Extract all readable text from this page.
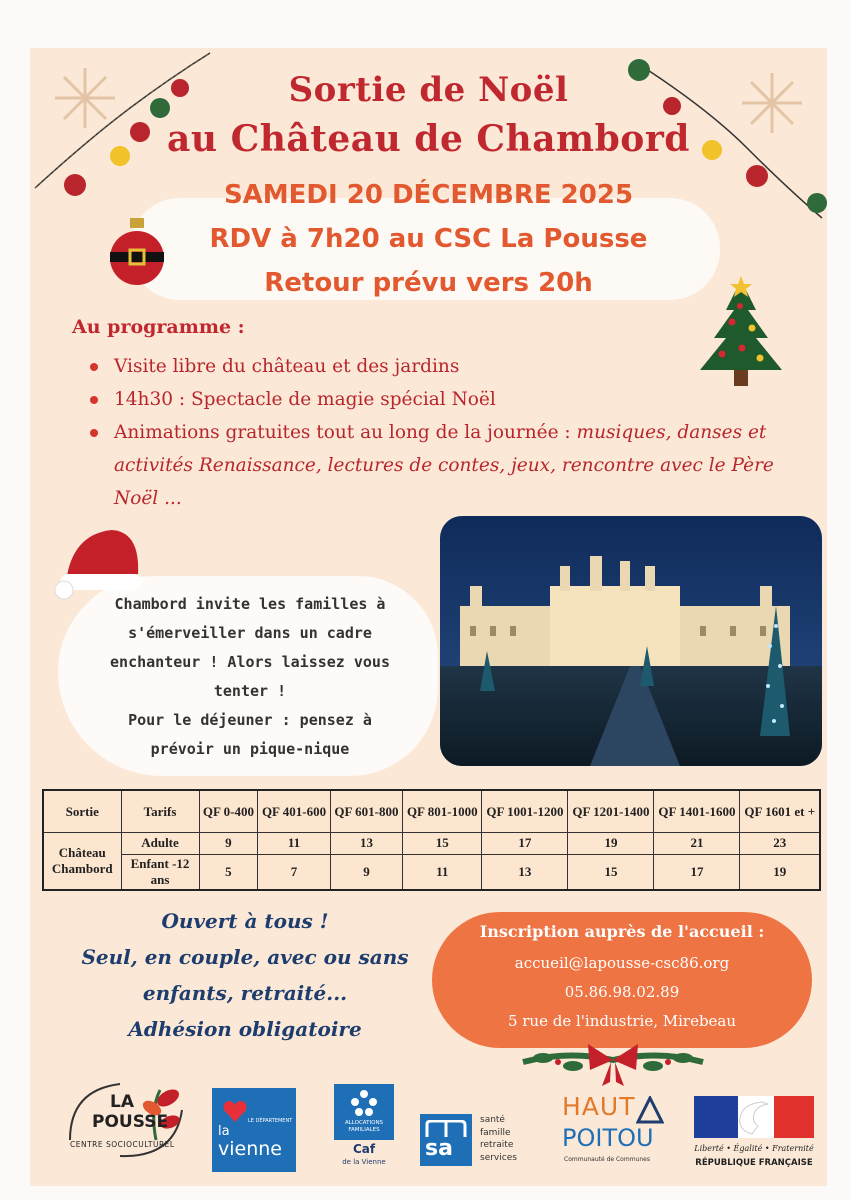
Sortie de Noël
au Château de Chambord
SAMEDI 20 DÉCEMBRE 2025
RDV à 7h20 au CSC La Pousse
Retour prévu vers 20h
Au programme :
Visite libre du château et des jardins
14h30 : Spectacle de magie spécial Noël
Animations gratuites tout au long de la journée : musiques, danses et activités Renaissance, lectures de contes, jeux, rencontre avec le Père Noël ...
Chambord invite les familles à
s'émerveiller dans un cadre
enchanteur ! Alors laissez vous
tenter !
Pour le déjeuner : pensez à
prévoir un pique-nique
Sortie	Tarifs	QF 0-400	QF 401-600	QF 601-800	QF 801-1000	QF 1001-1200	QF 1201-1400	QF 1401-1600	QF 1601 et +
Château Chambord	Adulte	9	11	13	15	17	19	21	23
	Enfant -12 ans	5	7	9	11	13	15	17	19
Ouvert à tous !
Seul, en couple, avec ou sans
enfants, retraité...
Adhésion obligatoire
Inscription auprès de l'accueil :
accueil@lapousse-csc86.org
05.86.98.02.89
5 rue de l'industrie, Mirebeau
LA
POUSSE
CENTRE SOCIOCULTUREL
LE DÉPARTEMENT
la
vienne
ALLOCATIONS FAMILIALES
Caf
de la Vienne
sa
santé
famille
retraite
services
HAUT
POITOU
Communauté de Communes
Liberté • Égalité • Fraternité
RÉPUBLIQUE FRANÇAISE
